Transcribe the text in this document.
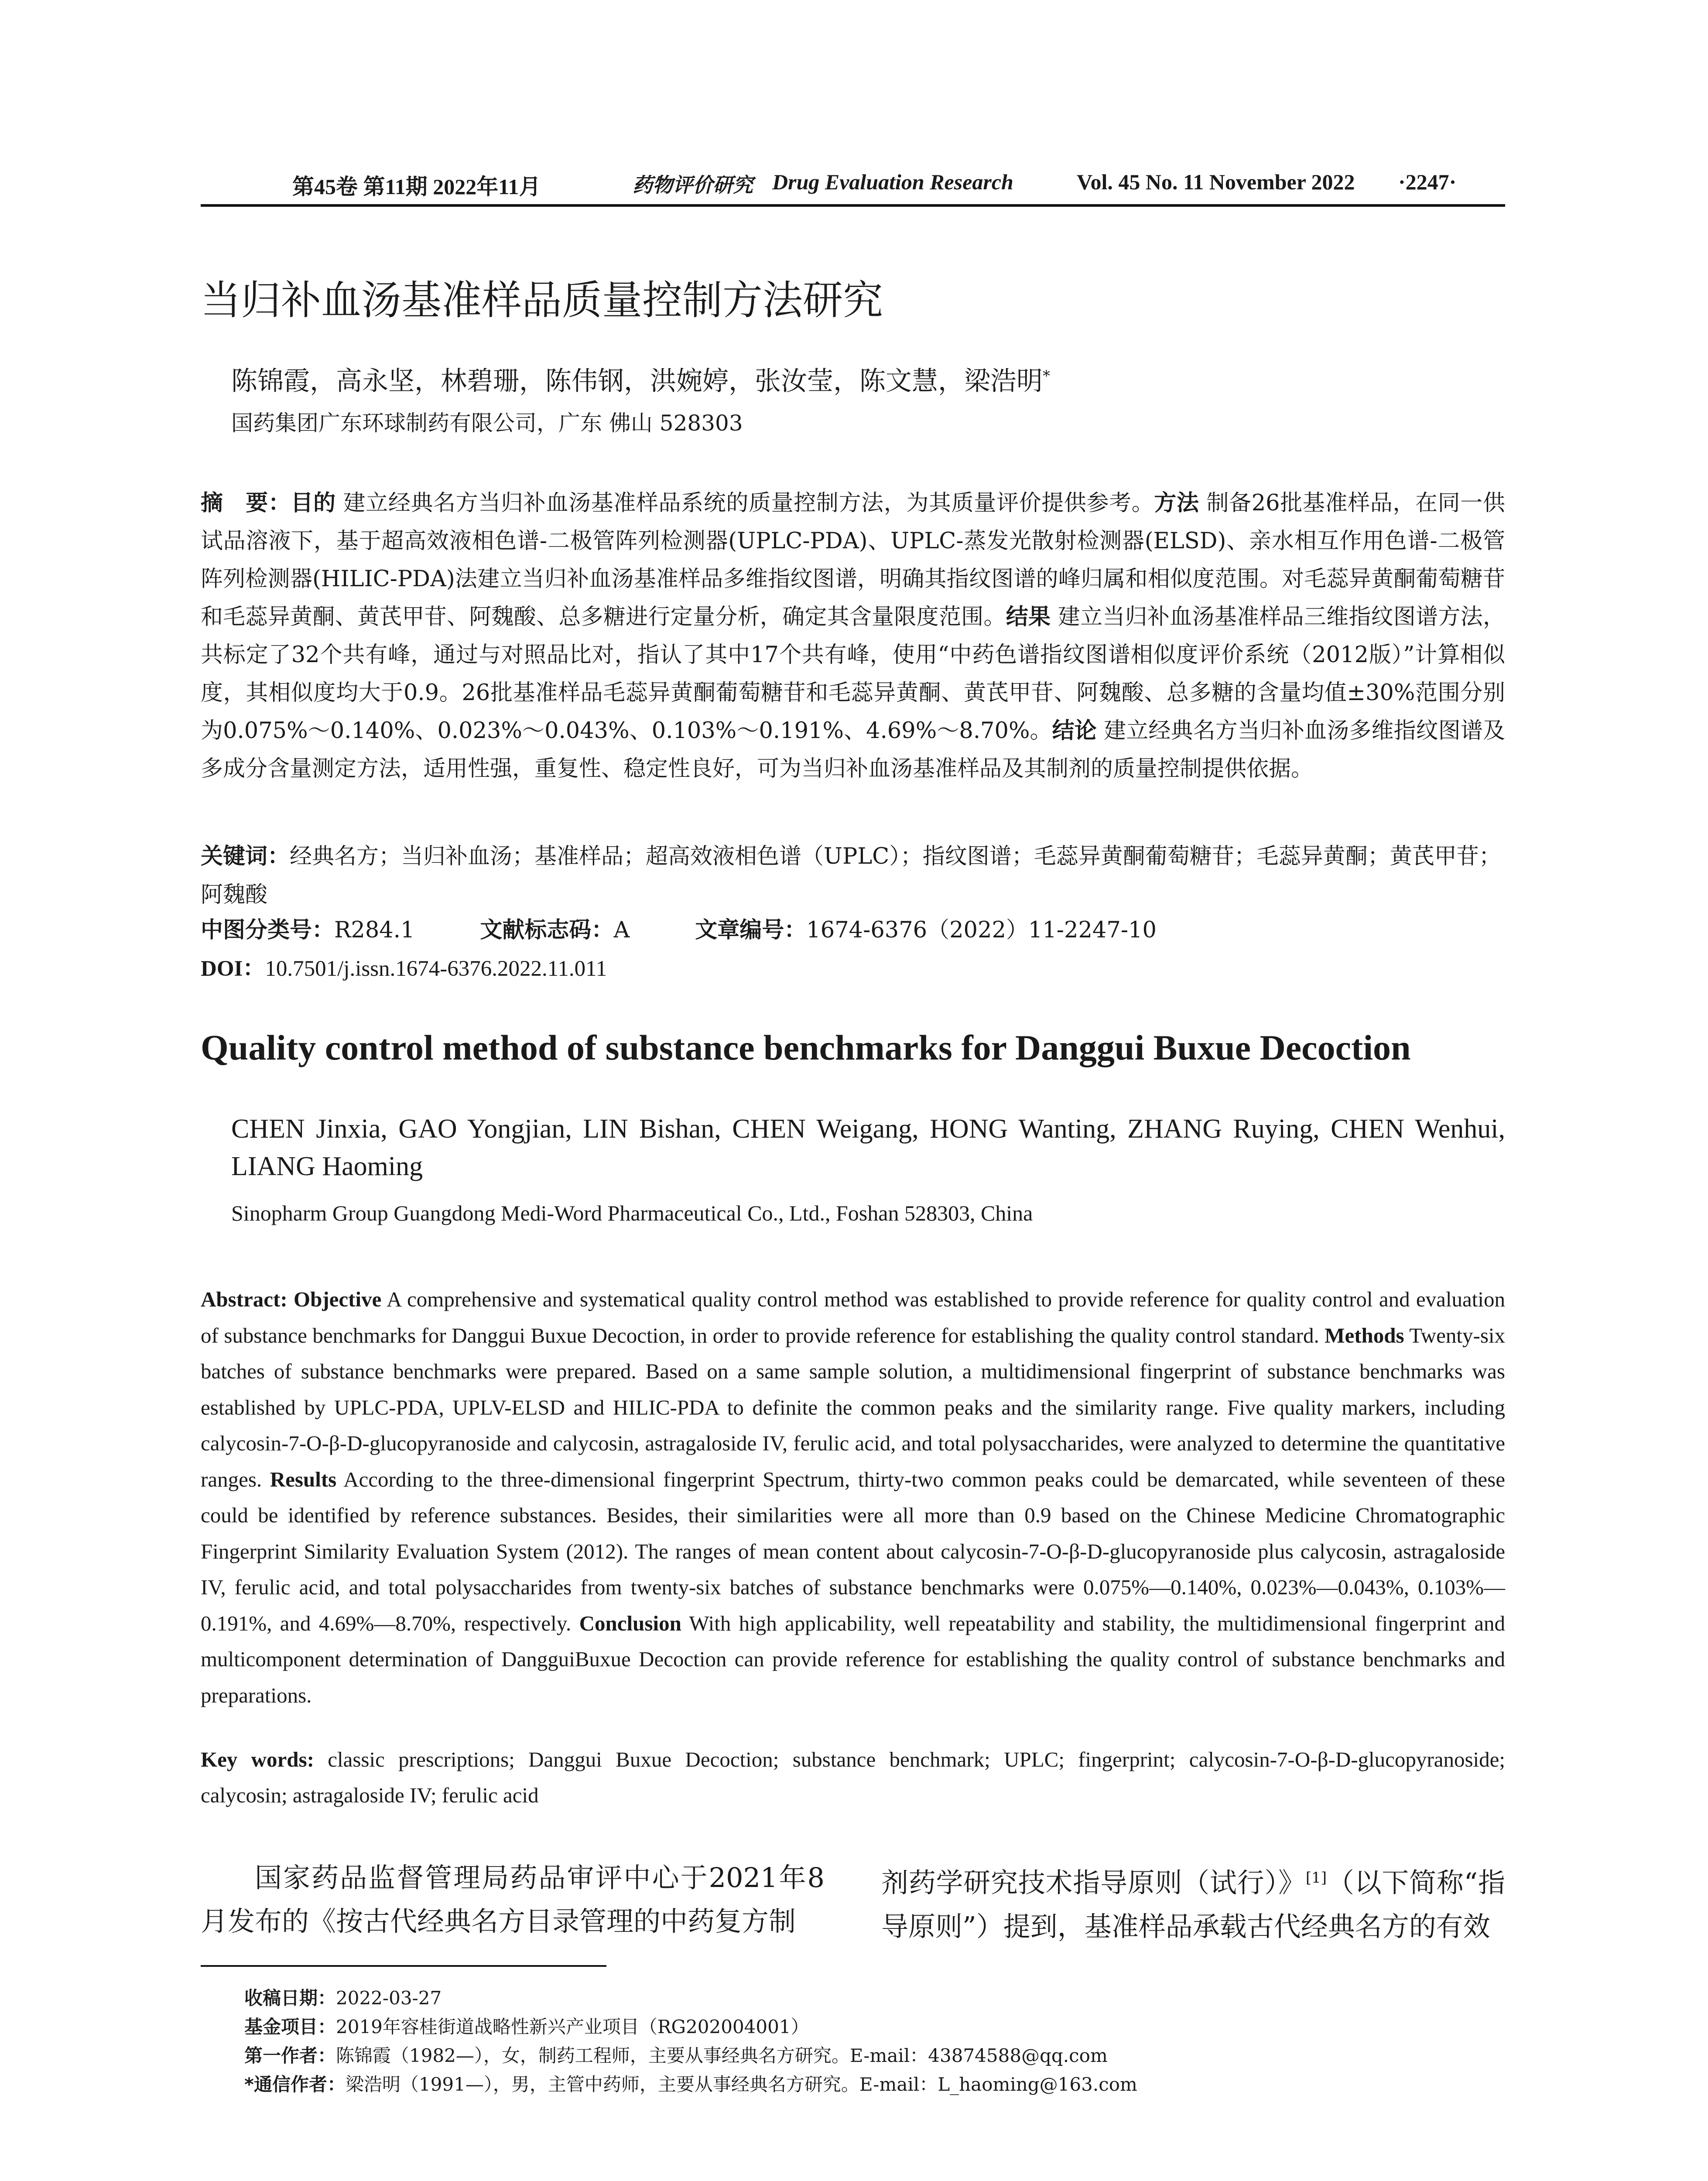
第45卷 第11期 2022年11月	药物评价研究 Drug Evaluation Research	Vol. 45 No. 11 November 2022 ·2247·
当归补血汤基准样品质量控制方法研究
陈锦霞，高永坚，林碧珊，陈伟钢，洪婉婷，张汝莹，陈文慧，梁浩明*
国药集团广东环球制药有限公司，广东 佛山 528303
摘　要：目的 建立经典名方当归补血汤基准样品系统的质量控制方法，为其质量评价提供参考。方法 制备26批基准样品，在同一供试品溶液下，基于超高效液相色谱-二极管阵列检测器(UPLC-PDA)、UPLC-蒸发光散射检测器(ELSD)、亲水相互作用色谱-二极管阵列检测器(HILIC-PDA)法建立当归补血汤基准样品多维指纹图谱，明确其指纹图谱的峰归属和相似度范围。对毛蕊异黄酮葡萄糖苷和毛蕊异黄酮、黄芪甲苷、阿魏酸、总多糖进行定量分析，确定其含量限度范围。结果 建立当归补血汤基准样品三维指纹图谱方法，共标定了32个共有峰，通过与对照品比对，指认了其中17个共有峰，使用“中药色谱指纹图谱相似度评价系统（2012版）”计算相似度，其相似度均大于0.9。26批基准样品毛蕊异黄酮葡萄糖苷和毛蕊异黄酮、黄芪甲苷、阿魏酸、总多糖的含量均值±30%范围分别为0.075%～0.140%、0.023%～0.043%、0.103%～0.191%、4.69%～8.70%。结论 建立经典名方当归补血汤多维指纹图谱及多成分含量测定方法，适用性强，重复性、稳定性良好，可为当归补血汤基准样品及其制剂的质量控制提供依据。
关键词：经典名方；当归补血汤；基准样品；超高效液相色谱（UPLC）；指纹图谱；毛蕊异黄酮葡萄糖苷；毛蕊异黄酮；黄芪甲苷；阿魏酸
中图分类号：R284.1	文献标志码：A	文章编号：1674-6376（2022）11-2247-10
DOI：10.7501/j.issn.1674-6376.2022.11.011
Quality control method of substance benchmarks for Danggui Buxue Decoction
CHEN Jinxia, GAO Yongjian, LIN Bishan, CHEN Weigang, HONG Wanting, ZHANG Ruying, CHEN Wenhui, LIANG Haoming
Sinopharm Group Guangdong Medi-Word Pharmaceutical Co., Ltd., Foshan 528303, China
Abstract: Objective A comprehensive and systematical quality control method was established to provide reference for quality control and evaluation of substance benchmarks for Danggui Buxue Decoction, in order to provide reference for establishing the quality control standard. Methods Twenty-six batches of substance benchmarks were prepared. Based on a same sample solution, a multidimensional fingerprint of substance benchmarks was established by UPLC-PDA, UPLV-ELSD and HILIC-PDA to definite the common peaks and the similarity range. Five quality markers, including calycosin-7-O-β-D-glucopyranoside and calycosin, astragaloside IV, ferulic acid, and total polysaccharides, were analyzed to determine the quantitative ranges. Results According to the three-dimensional fingerprint Spectrum, thirty-two common peaks could be demarcated, while seventeen of these could be identified by reference substances. Besides, their similarities were all more than 0.9 based on the Chinese Medicine Chromatographic Fingerprint Similarity Evaluation System (2012). The ranges of mean content about calycosin-7-O-β-D-glucopyranoside plus calycosin, astragaloside IV, ferulic acid, and total polysaccharides from twenty-six batches of substance benchmarks were 0.075%—0.140%, 0.023%—0.043%, 0.103%—0.191%, and 4.69%—8.70%, respectively. Conclusion With high applicability, well repeatability and stability, the multidimensional fingerprint and multicomponent determination of DangguiBuxue Decoction can provide reference for establishing the quality control of substance benchmarks and preparations.
Key words: classic prescriptions; Danggui Buxue Decoction; substance benchmark; UPLC; fingerprint; calycosin-7-O-β-D-glucopyranoside; calycosin; astragaloside IV; ferulic acid
国家药品监督管理局药品审评中心于2021年8月发布的《按古代经典名方目录管理的中药复方制
剂药学研究技术指导原则（试行）》[1]（以下简称“指导原则”）提到，基准样品承载古代经典名方的有效
收稿日期：2022-03-27
基金项目：2019年容桂街道战略性新兴产业项目（RG202004001）
第一作者：陈锦霞（1982—），女，制药工程师，主要从事经典名方研究。E-mail：43874588@qq.com
*通信作者：梁浩明（1991—），男，主管中药师，主要从事经典名方研究。E-mail：L_haoming@163.com
